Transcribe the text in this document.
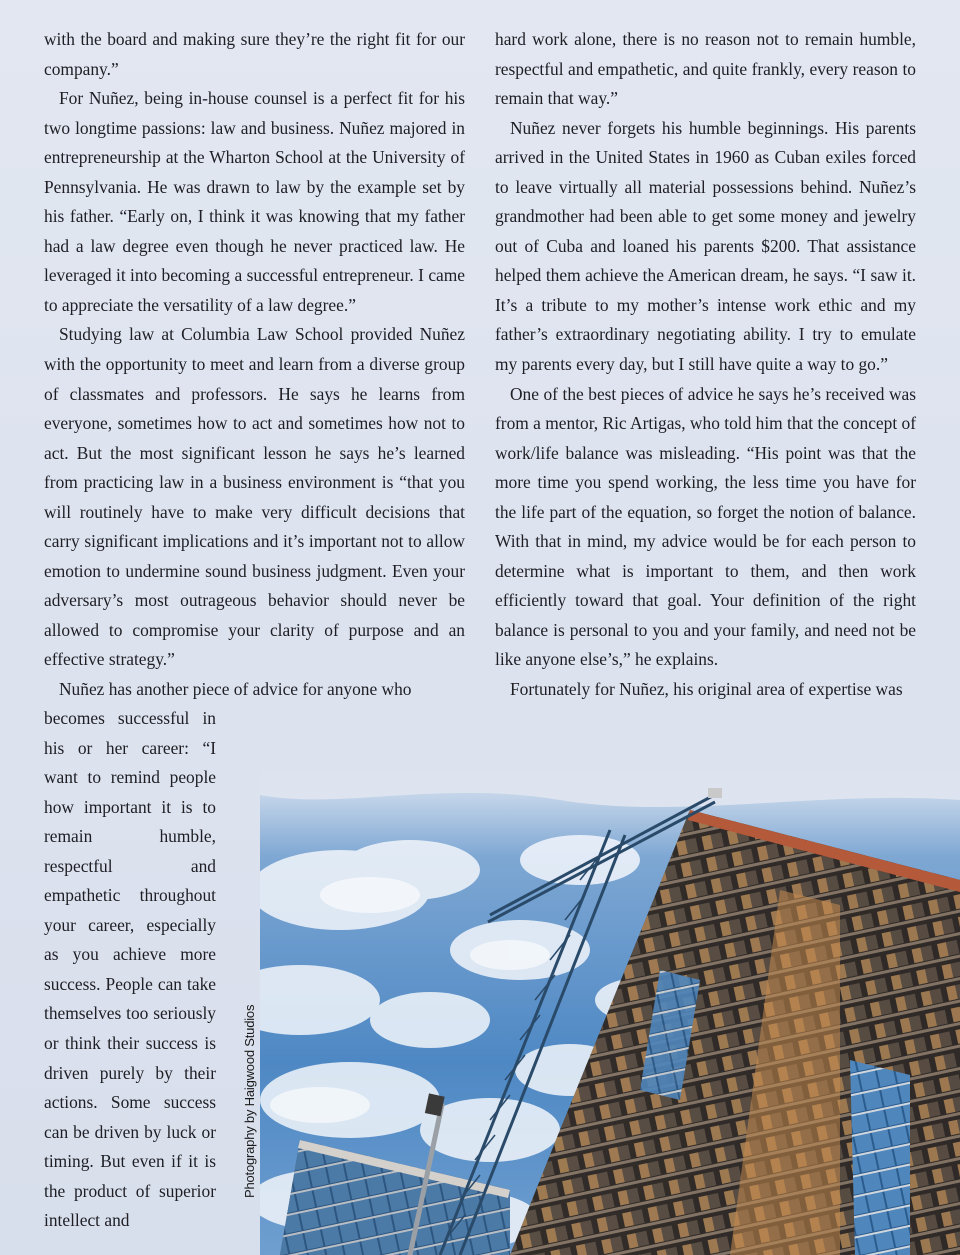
with the board and making sure they’re the right fit for our company.”

For Nuñez, being in-house counsel is a perfect fit for his two longtime passions: law and business. Nuñez majored in entrepreneurship at the Wharton School at the University of Pennsylvania. He was drawn to law by the example set by his father. “Early on, I think it was knowing that my father had a law degree even though he never practiced law. He leveraged it into becoming a successful entrepreneur. I came to appreciate the versatility of a law degree.”

Studying law at Columbia Law School provided Nuñez with the opportunity to meet and learn from a diverse group of classmates and professors. He says he learns from everyone, sometimes how to act and sometimes how not to act. But the most significant lesson he says he’s learned from practicing law in a business environment is “that you will routinely have to make very difficult decisions that carry significant implications and it’s important not to allow emotion to undermine sound business judgment. Even your adversary’s most outrageous behavior should never be allowed to compromise your clarity of purpose and an effective strategy.”

Nuñez has another piece of advice for anyone who

becomes successful in his or her career: “I want to remind people how important it is to remain humble, respectful and empathetic throughout your career, especially as you achieve more success. People can take themselves too seriously or think their success is driven purely by their actions. Some success can be driven by luck or timing. But even if it is the product of superior intellect and

hard work alone, there is no reason not to remain humble, respectful and empathetic, and quite frankly, every reason to remain that way.”

Nuñez never forgets his humble beginnings. His parents arrived in the United States in 1960 as Cuban exiles forced to leave virtually all material possessions behind. Nuñez’s grandmother had been able to get some money and jewelry out of Cuba and loaned his parents $200. That assistance helped them achieve the American dream, he says. “I saw it. It’s a tribute to my mother’s intense work ethic and my father’s extraordinary negotiating ability. I try to emulate my parents every day, but I still have quite a way to go.”

One of the best pieces of advice he says he’s received was from a mentor, Ric Artigas, who told him that the concept of work/life balance was misleading. “His point was that the more time you spend working, the less time you have for the life part of the equation, so forget the notion of balance. With that in mind, my advice would be for each person to determine what is important to them, and then work efficiently toward that goal. Your definition of the right balance is personal to you and your family, and need not be like anyone else’s,” he explains.

Fortunately for Nuñez, his original area of expertise was

Photography by Haigwood Studios
